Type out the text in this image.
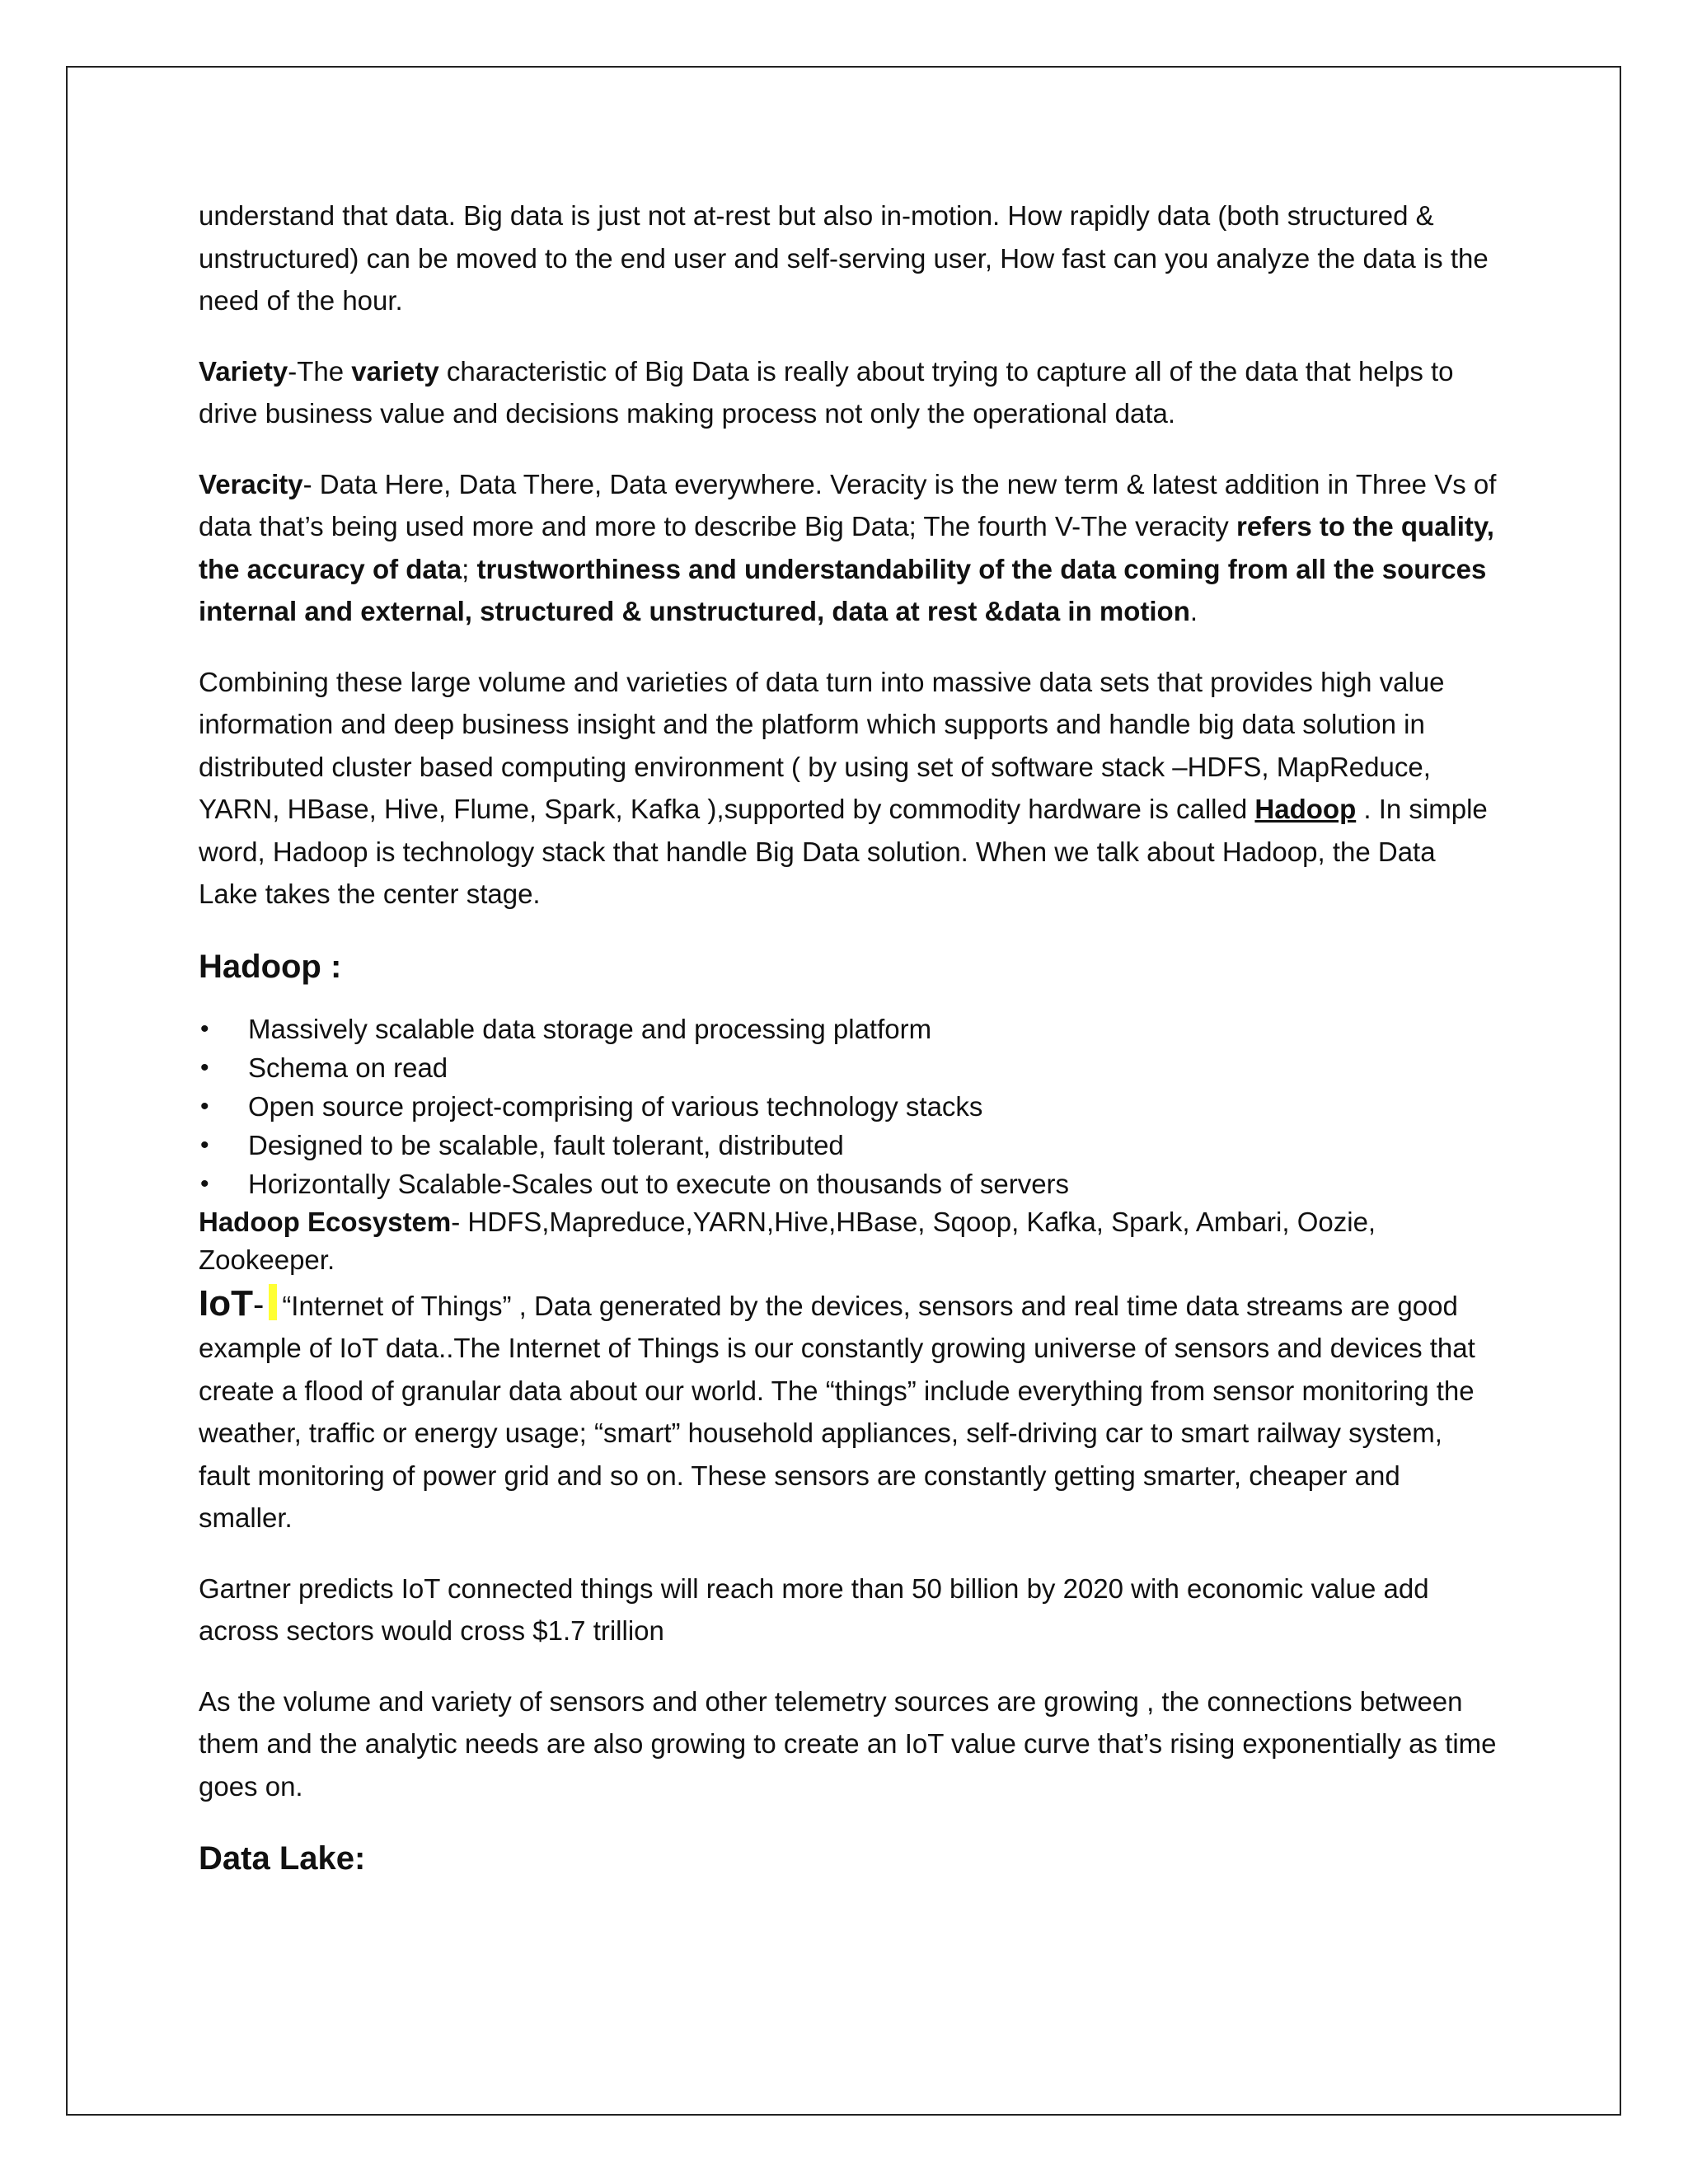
understand that data. Big data is just not at-rest but also in-motion. How rapidly data (both structured & unstructured) can be moved to the end user and self-serving user, How fast can you analyze the data is the need of the hour.

Variety-The variety characteristic of Big Data is really about trying to capture all of the data that helps to drive business value and decisions making process not only the operational data.

Veracity- Data Here, Data There, Data everywhere. Veracity is the new term & latest addition in Three Vs of data that’s being used more and more to describe Big Data; The fourth V-The veracity refers to the quality, the accuracy of data; trustworthiness and understandability of the data coming from all the sources internal and external, structured & unstructured, data at rest &data in motion.

Combining these large volume and varieties of data turn into massive data sets that provides high value information and deep business insight and the platform which supports and handle big data solution in distributed cluster based computing environment ( by using set of software stack –HDFS, MapReduce, YARN, HBase, Hive, Flume, Spark, Kafka ),supported by commodity hardware is called Hadoop . In simple word, Hadoop is technology stack that handle Big Data solution. When we talk about Hadoop, the Data Lake takes the center stage.

Hadoop :
• Massively scalable data storage and processing platform
• Schema on read
• Open source project-comprising of various technology stacks
• Designed to be scalable, fault tolerant, distributed
• Horizontally Scalable-Scales out to execute on thousands of servers

Hadoop Ecosystem- HDFS,Mapreduce,YARN,Hive,HBase, Sqoop, Kafka, Spark, Ambari, Oozie, Zookeeper.

IoT- “Internet of Things” , Data generated by the devices, sensors and real time data streams are good example of IoT data..The Internet of Things is our constantly growing universe of sensors and devices that create a flood of granular data about our world. The “things” include everything from sensor monitoring the weather, traffic or energy usage; “smart” household appliances, self-driving car to smart railway system, fault monitoring of power grid and so on. These sensors are constantly getting smarter, cheaper and smaller.

Gartner predicts IoT connected things will reach more than 50 billion by 2020 with economic value add across sectors would cross $1.7 trillion

As the volume and variety of sensors and other telemetry sources are growing , the connections between them and the analytic needs are also growing to create an IoT value curve that’s rising exponentially as time goes on.

Data Lake:
